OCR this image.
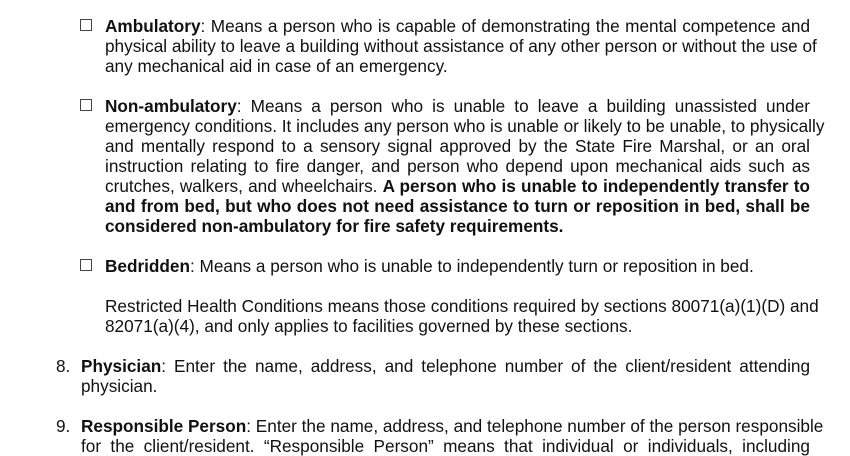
Ambulatory: Means a person who is capable of demonstrating the mental competence and
physical ability to leave a building without assistance of any other person or without the use of
any mechanical aid in case of an emergency.
Non-ambulatory: Means a person who is unable to leave a building unassisted under
emergency conditions. It includes any person who is unable or likely to be unable, to physically
and mentally respond to a sensory signal approved by the State Fire Marshal, or an oral
instruction relating to fire danger, and person who depend upon mechanical aids such as
crutches, walkers, and wheelchairs. A person who is unable to independently transfer to
and from bed, but who does not need assistance to turn or reposition in bed, shall be
considered non-ambulatory for fire safety requirements.
Bedridden: Means a person who is unable to independently turn or reposition in bed.
Restricted Health Conditions means those conditions required by sections 80071(a)(1)(D) and
82071(a)(4), and only applies to facilities governed by these sections.
8. Physician: Enter the name, address, and telephone number of the client/resident attending
physician.
9. Responsible Person: Enter the name, address, and telephone number of the person responsible
for the client/resident. “Responsible Person” means that individual or individuals, including
